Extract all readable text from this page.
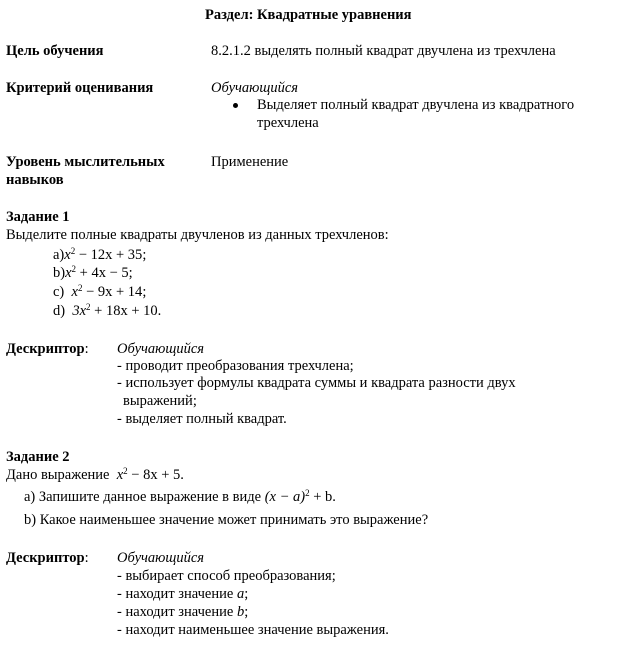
Раздел: Квадратные уравнения
Цель обучения	8.2.1.2 выделять полный квадрат двучлена из трехчлена
Критерий оценивания	Обучающийся
Выделяет полный квадрат двучлена из квадратного
трехчлена
Уровень мыслительных
навыков
Применение
Задание 1
Выделите полные квадраты двучленов из данных трехчленов:
$a)x^2 - 12x + 35$;
$b)x^2 + 4x - 5$;
c) $x^2 - 9x + 14$;
d) $3x^2 + 18x + 10$.
Дескриптор: Обучающийся
- проводит преобразования трехчлена;
- использует формулы квадрата суммы и квадрата разности двух
выражений;
- выделяет полный квадрат.
Задание 2
Дано выражение $x^2 - 8x + 5$.
a) Запишите данное выражение в виде $(x - a)^2 + b$.
b) Какое наименьшее значение может принимать это выражение?
Дескриптор: Обучающийся
- выбирает способ преобразования;
- находит значение a;
- находит значение b;
- находит наименьшее значение выражения.
